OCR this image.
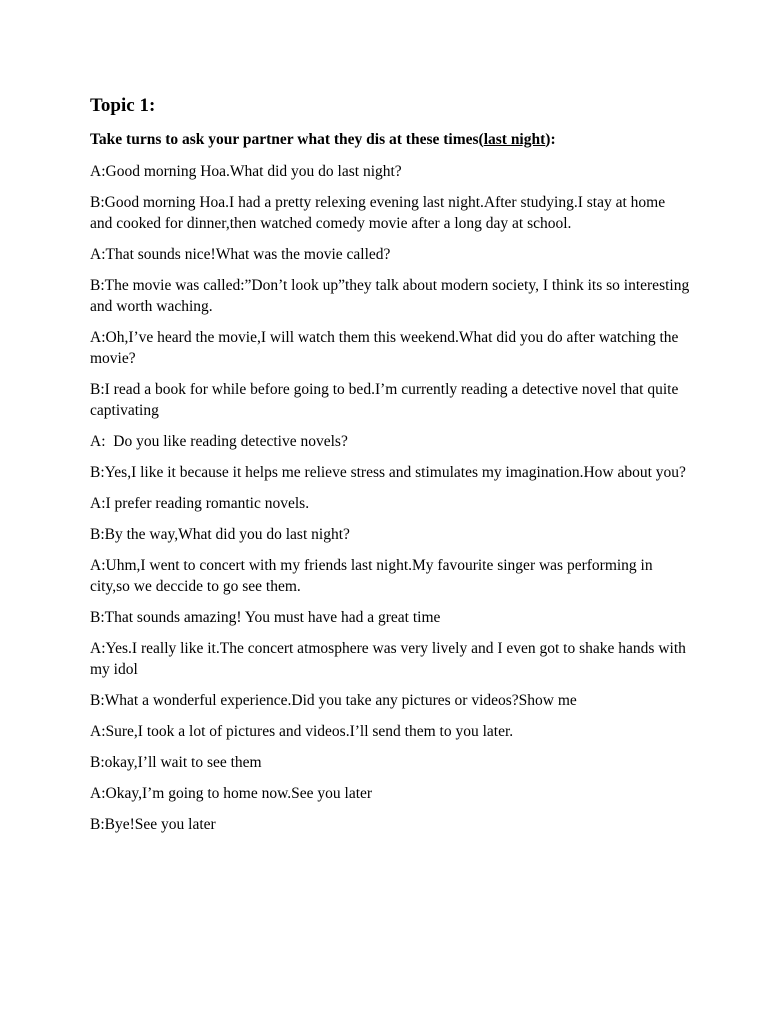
Topic 1:
Take turns to ask your partner what they dis at these times(last night):

A:Good morning Hoa.What did you do last night?

B:Good morning Hoa.I had a pretty relexing evening last night.After studying.I stay at home and cooked for dinner,then watched comedy movie after a long day at school.

A:That sounds nice!What was the movie called?

B:The movie was called:”Don’t look up”they talk about modern society, I think its so interesting and worth waching.

A:Oh,I’ve heard the movie,I will watch them this weekend.What did you do after watching the movie?

B:I read a book for while before going to bed.I’m currently reading a detective novel that quite captivating

A:  Do you like reading detective novels?

B:Yes,I like it because it helps me relieve stress and stimulates my imagination.How about you?

A:I prefer reading romantic novels.

B:By the way,What did you do last night?

A:Uhm,I went to concert with my friends last night.My favourite singer was performing in city,so we deccide to go see them.

B:That sounds amazing! You must have had a great time

A:Yes.I really like it.The concert atmosphere was very lively and I even got to shake hands with my idol

B:What a wonderful experience.Did you take any pictures or videos?Show me

A:Sure,I took a lot of pictures and videos.I’ll send them to you later.

B:okay,I’ll wait to see them

A:Okay,I’m going to home now.See you later

B:Bye!See you later
